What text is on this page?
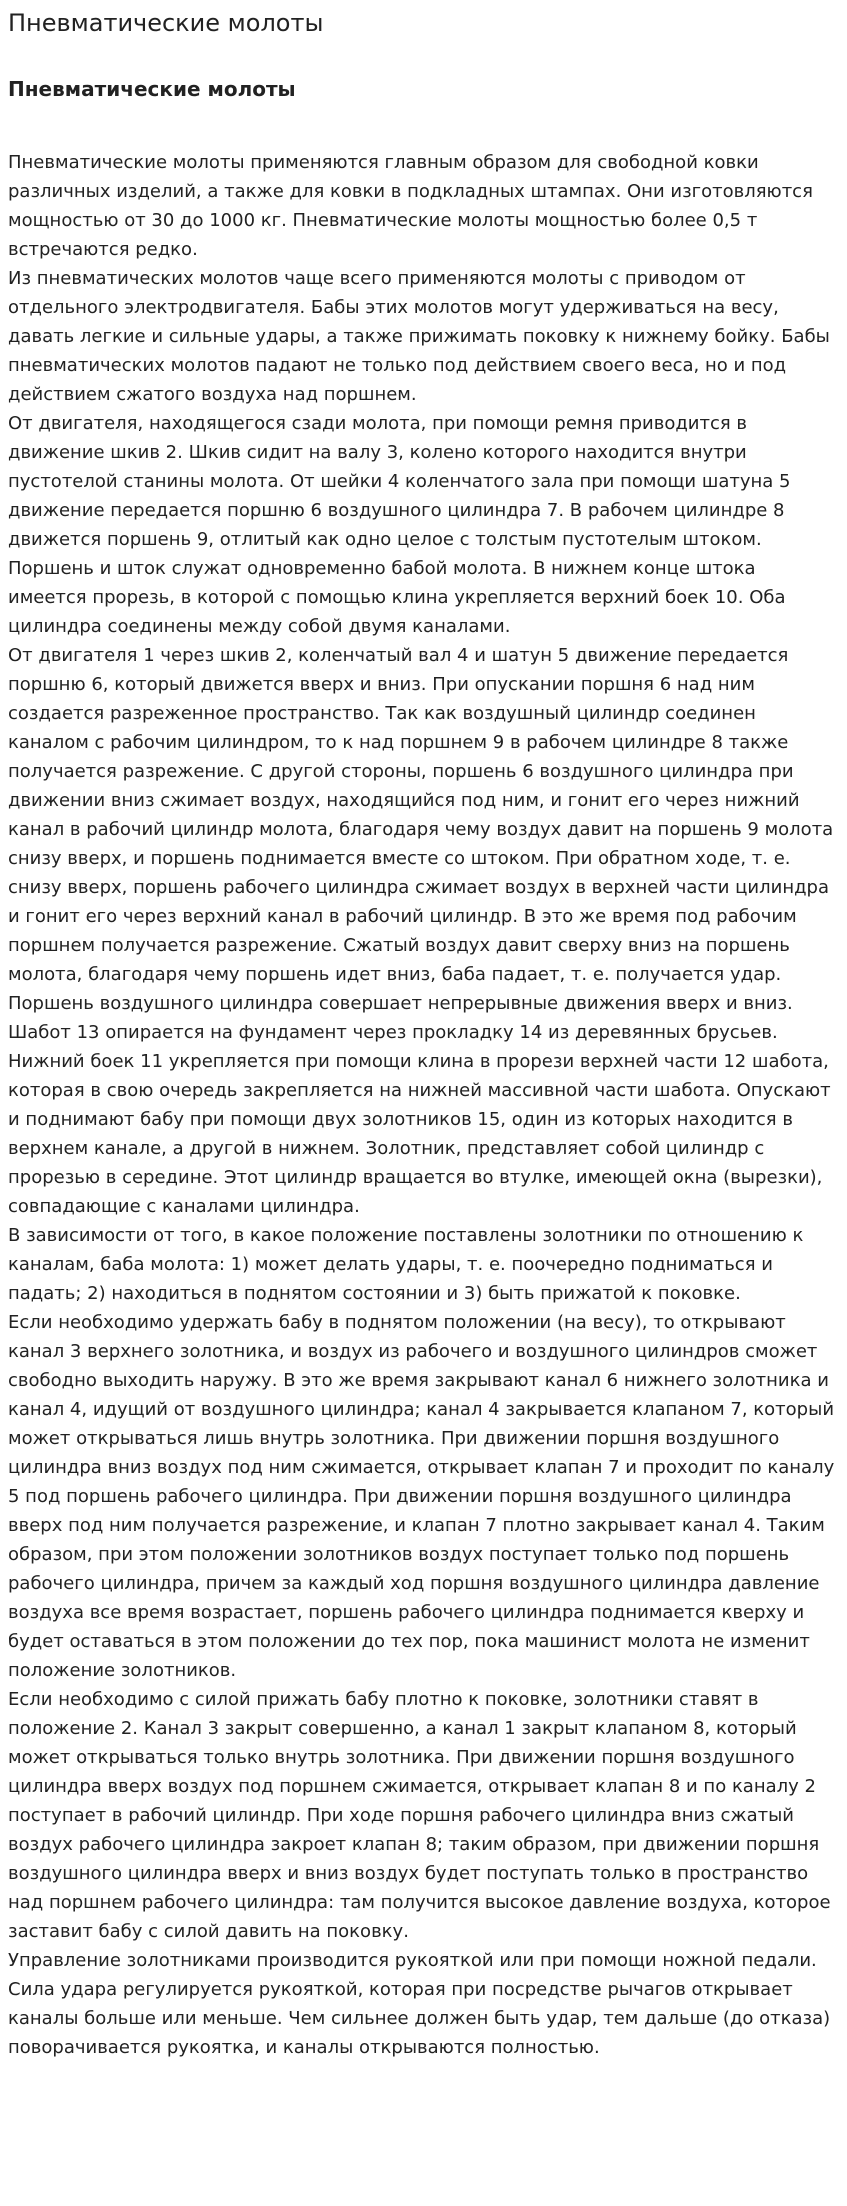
Пневматические молоты
Пневматические молоты

Пневматические молоты применяются главным образом для свободной ковки различных изделий, а также для ковки в подкладных штампах. Они изготовляются мощностью от 30 до 1000 кг. Пневматические молоты мощностью более 0,5 т встречаются редко.

Из пневматических молотов чаще всего применяются молоты с приводом от отдельного электродвигателя. Бабы этих молотов могут удерживаться на весу, давать легкие и сильные удары, а также прижимать поковку к нижнему бойку. Бабы пневматических молотов падают не только под действием своего веса, но и под действием сжатого воздуха над поршнем.

От двигателя, находящегося сзади молота, при помощи ремня приводится в движение шкив 2. Шкив сидит на валу 3, колено которого находится внутри пустотелой станины молота. От шейки 4 коленчатого зала при помощи шатуна 5 движение передается поршню 6 воздушного цилиндра 7. В рабочем цилиндре 8 движется поршень 9, отлитый как одно целое с толстым пустотелым штоком. Поршень и шток служат одновременно бабой молота. В нижнем конце штока имеется прорезь, в которой с помощью клина укрепляется верхний боек 10. Оба цилиндра соединены между собой двумя каналами.

От двигателя 1 через шкив 2, коленчатый вал 4 и шатун 5 движение передается поршню 6, который движется вверх и вниз. При опускании поршня 6 над ним создается разреженное пространство. Так как воздушный цилиндр соединен каналом с рабочим цилиндром, то к над поршнем 9 в рабочем цилиндре 8 также получается разрежение. С другой стороны, поршень 6 воздушного цилиндра при движении вниз сжимает воздух, находящийся под ним, и гонит его через нижний канал в рабочий цилиндр молота, благодаря чему воздух давит на поршень 9 молота снизу вверх, и поршень поднимается вместе со штоком. При обратном ходе, т. е. снизу вверх, поршень рабочего цилиндра сжимает воздух в верхней части цилиндра и гонит его через верхний канал в рабочий цилиндр. В это же время под рабочим поршнем получается разрежение. Сжатый воздух давит сверху вниз на поршень молота, благодаря чему поршень идет вниз, баба падает, т. е. получается удар. Поршень воздушного цилиндра совершает непрерывные движения вверх и вниз.

Шабот 13 опирается на фундамент через прокладку 14 из деревянных брусьев. Нижний боек 11 укрепляется при помощи клина в прорези верхней части 12 шабота, которая в свою очередь закрепляется на нижней массивной части шабота. Опускают и поднимают бабу при помощи двух золотников 15, один из которых находится в верхнем канале, а другой в нижнем. Золотник, представляет собой цилиндр с прорезью в середине. Этот цилиндр вращается во втулке, имеющей окна (вырезки), совпадающие с каналами цилиндра.

В зависимости от того, в какое положение поставлены золотники по отношению к каналам, баба молота: 1) может делать удары, т. е. поочередно подниматься и падать; 2) находиться в поднятом состоянии и 3) быть прижатой к поковке.

Если необходимо удержать бабу в поднятом положении (на весу), то открывают канал 3 верхнего золотника, и воздух из рабочего и воздушного цилиндров сможет свободно выходить наружу. В это же время закрывают канал 6 нижнего золотника и канал 4, идущий от воздушного цилиндра; канал 4 закрывается клапаном 7, который может открываться лишь внутрь золотника. При движении поршня воздушного цилиндра вниз воздух под ним сжимается, открывает клапан 7 и проходит по каналу 5 под поршень рабочего цилиндра. При движении поршня воздушного цилиндра вверх под ним получается разрежение, и клапан 7 плотно закрывает канал 4. Таким образом, при этом положении золотников воздух поступает только под поршень рабочего цилиндра, причем за каждый ход поршня воздушного цилиндра давление воздуха все время возрастает, поршень рабочего цилиндра поднимается кверху и будет оставаться в этом положении до тех пор, пока машинист молота не изменит положение золотников.

Если необходимо с силой прижать бабу плотно к поковке, золотники ставят в положение 2. Канал 3 закрыт совершенно, а канал 1 закрыт клапаном 8, который может открываться только внутрь золотника. При движении поршня воздушного цилиндра вверх воздух под поршнем сжимается, открывает клапан 8 и по каналу 2 поступает в рабочий цилиндр. При ходе поршня рабочего цилиндра вниз сжатый воздух рабочего цилиндра закроет клапан 8; таким образом, при движении поршня воздушного цилиндра вверх и вниз воздух будет поступать только в пространство над поршнем рабочего цилиндра: там получится высокое давление воздуха, которое заставит бабу с силой давить на поковку.

Управление золотниками производится рукояткой или при помощи ножной педали. Сила удара регулируется рукояткой, которая при посредстве рычагов открывает каналы больше или меньше. Чем сильнее должен быть удар, тем дальше (до отказа) поворачивается рукоятка, и каналы открываются полностью.
